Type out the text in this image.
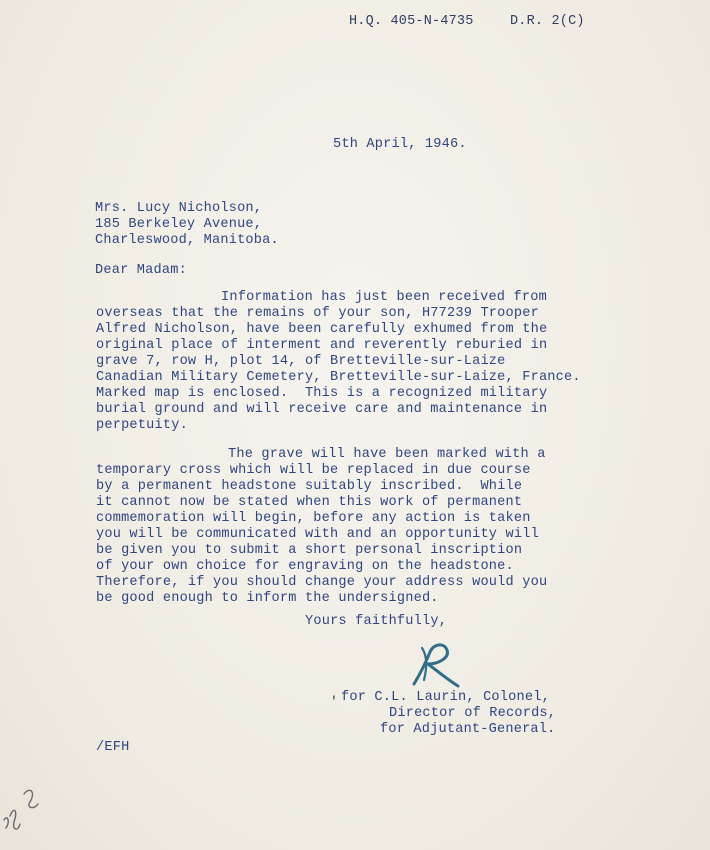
H.Q. 405-N-4735	D.R. 2(C)
5th April, 1946.
Mrs. Lucy Nicholson,
185 Berkeley Avenue,
Charleswood, Manitoba.
Dear Madam:
Information has just been received from
overseas that the remains of your son, H77239 Trooper
Alfred Nicholson, have been carefully exhumed from the
original place of interment and reverently reburied in
grave 7, row H, plot 14, of Bretteville-sur-Laize
Canadian Military Cemetery, Bretteville-sur-Laize, France.
Marked map is enclosed.  This is a recognized military
burial ground and will receive care and maintenance in
perpetuity.
The grave will have been marked with a
temporary cross which will be replaced in due course
by a permanent headstone suitably inscribed.  While
it cannot now be stated when this work of permanent
commemoration will begin, before any action is taken
you will be communicated with and an opportunity will
be given you to submit a short personal inscription
of your own choice for engraving on the headstone.
Therefore, if you should change your address would you
be good enough to inform the undersigned.
Yours faithfully,
' for C.L. Laurin, Colonel,
Director of Records,
for Adjutant-General.
/EFH
